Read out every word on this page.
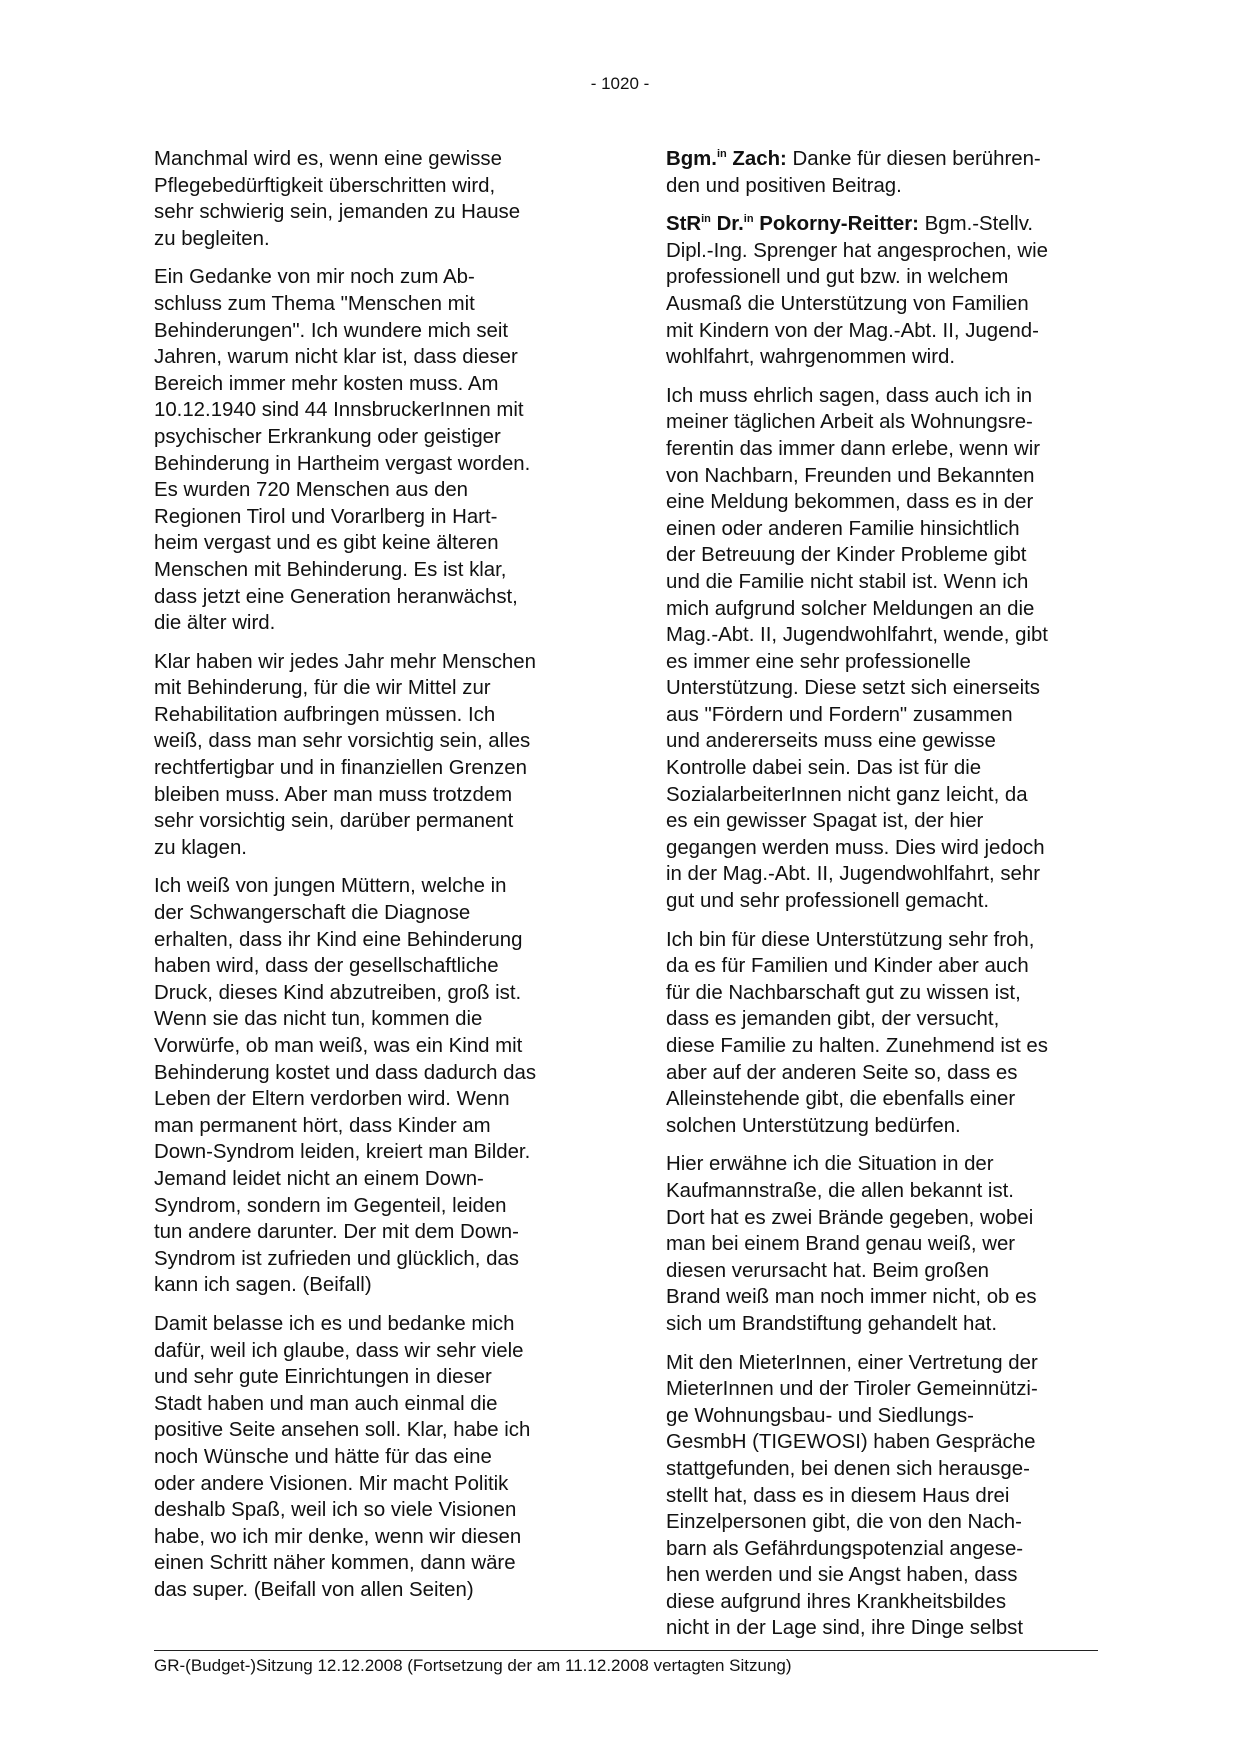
- 1020 -

Manchmal wird es, wenn eine gewisse
Pflegebedürftigkeit überschritten wird,
sehr schwierig sein, jemanden zu Hause
zu begleiten.

Ein Gedanke von mir noch zum Ab-
schluss zum Thema "Menschen mit
Behinderungen". Ich wundere mich seit
Jahren, warum nicht klar ist, dass dieser
Bereich immer mehr kosten muss. Am
10.12.1940 sind 44 InnsbruckerInnen mit
psychischer Erkrankung oder geistiger
Behinderung in Hartheim vergast worden.
Es wurden 720 Menschen aus den
Regionen Tirol und Vorarlberg in Hart-
heim vergast und es gibt keine älteren
Menschen mit Behinderung. Es ist klar,
dass jetzt eine Generation heranwächst,
die älter wird.

Klar haben wir jedes Jahr mehr Menschen
mit Behinderung, für die wir Mittel zur
Rehabilitation aufbringen müssen. Ich
weiß, dass man sehr vorsichtig sein, alles
rechtfertigbar und in finanziellen Grenzen
bleiben muss. Aber man muss trotzdem
sehr vorsichtig sein, darüber permanent
zu klagen.

Ich weiß von jungen Müttern, welche in
der Schwangerschaft die Diagnose
erhalten, dass ihr Kind eine Behinderung
haben wird, dass der gesellschaftliche
Druck, dieses Kind abzutreiben, groß ist.
Wenn sie das nicht tun, kommen die
Vorwürfe, ob man weiß, was ein Kind mit
Behinderung kostet und dass dadurch das
Leben der Eltern verdorben wird. Wenn
man permanent hört, dass Kinder am
Down-Syndrom leiden, kreiert man Bilder.
Jemand leidet nicht an einem Down-
Syndrom, sondern im Gegenteil, leiden
tun andere darunter. Der mit dem Down-
Syndrom ist zufrieden und glücklich, das
kann ich sagen. (Beifall)

Damit belasse ich es und bedanke mich
dafür, weil ich glaube, dass wir sehr viele
und sehr gute Einrichtungen in dieser
Stadt haben und man auch einmal die
positive Seite ansehen soll. Klar, habe ich
noch Wünsche und hätte für das eine
oder andere Visionen. Mir macht Politik
deshalb Spaß, weil ich so viele Visionen
habe, wo ich mir denke, wenn wir diesen
einen Schritt näher kommen, dann wäre
das super. (Beifall von allen Seiten)

Bgm.$^{in}$ Zach: Danke für diesen berühren-
den und positiven Beitrag.

StR$^{in}$ Dr.$^{in}$ Pokorny-Reitter: Bgm.-Stellv.
Dipl.-Ing. Sprenger hat angesprochen, wie
professionell und gut bzw. in welchem
Ausmaß die Unterstützung von Familien
mit Kindern von der Mag.-Abt. II, Jugend-
wohlfahrt, wahrgenommen wird.

Ich muss ehrlich sagen, dass auch ich in
meiner täglichen Arbeit als Wohnungsre-
ferentin das immer dann erlebe, wenn wir
von Nachbarn, Freunden und Bekannten
eine Meldung bekommen, dass es in der
einen oder anderen Familie hinsichtlich
der Betreuung der Kinder Probleme gibt
und die Familie nicht stabil ist. Wenn ich
mich aufgrund solcher Meldungen an die
Mag.-Abt. II, Jugendwohlfahrt, wende, gibt
es immer eine sehr professionelle
Unterstützung. Diese setzt sich einerseits
aus "Fördern und Fordern" zusammen
und andererseits muss eine gewisse
Kontrolle dabei sein. Das ist für die
SozialarbeiterInnen nicht ganz leicht, da
es ein gewisser Spagat ist, der hier
gegangen werden muss. Dies wird jedoch
in der Mag.-Abt. II, Jugendwohlfahrt, sehr
gut und sehr professionell gemacht.

Ich bin für diese Unterstützung sehr froh,
da es für Familien und Kinder aber auch
für die Nachbarschaft gut zu wissen ist,
dass es jemanden gibt, der versucht,
diese Familie zu halten. Zunehmend ist es
aber auf der anderen Seite so, dass es
Alleinstehende gibt, die ebenfalls einer
solchen Unterstützung bedürfen.

Hier erwähne ich die Situation in der
Kaufmannstraße, die allen bekannt ist.
Dort hat es zwei Brände gegeben, wobei
man bei einem Brand genau weiß, wer
diesen verursacht hat. Beim großen
Brand weiß man noch immer nicht, ob es
sich um Brandstiftung gehandelt hat.

Mit den MieterInnen, einer Vertretung der
MieterInnen und der Tiroler Gemeinnützi-
ge Wohnungsbau- und Siedlungs-
GesmbH (TIGEWOSI) haben Gespräche
stattgefunden, bei denen sich herausge-
stellt hat, dass es in diesem Haus drei
Einzelpersonen gibt, die von den Nach-
barn als Gefährdungspotenzial angese-
hen werden und sie Angst haben, dass
diese aufgrund ihres Krankheitsbildes
nicht in der Lage sind, ihre Dinge selbst

GR-(Budget-)Sitzung 12.12.2008 (Fortsetzung der am 11.12.2008 vertagten Sitzung)
